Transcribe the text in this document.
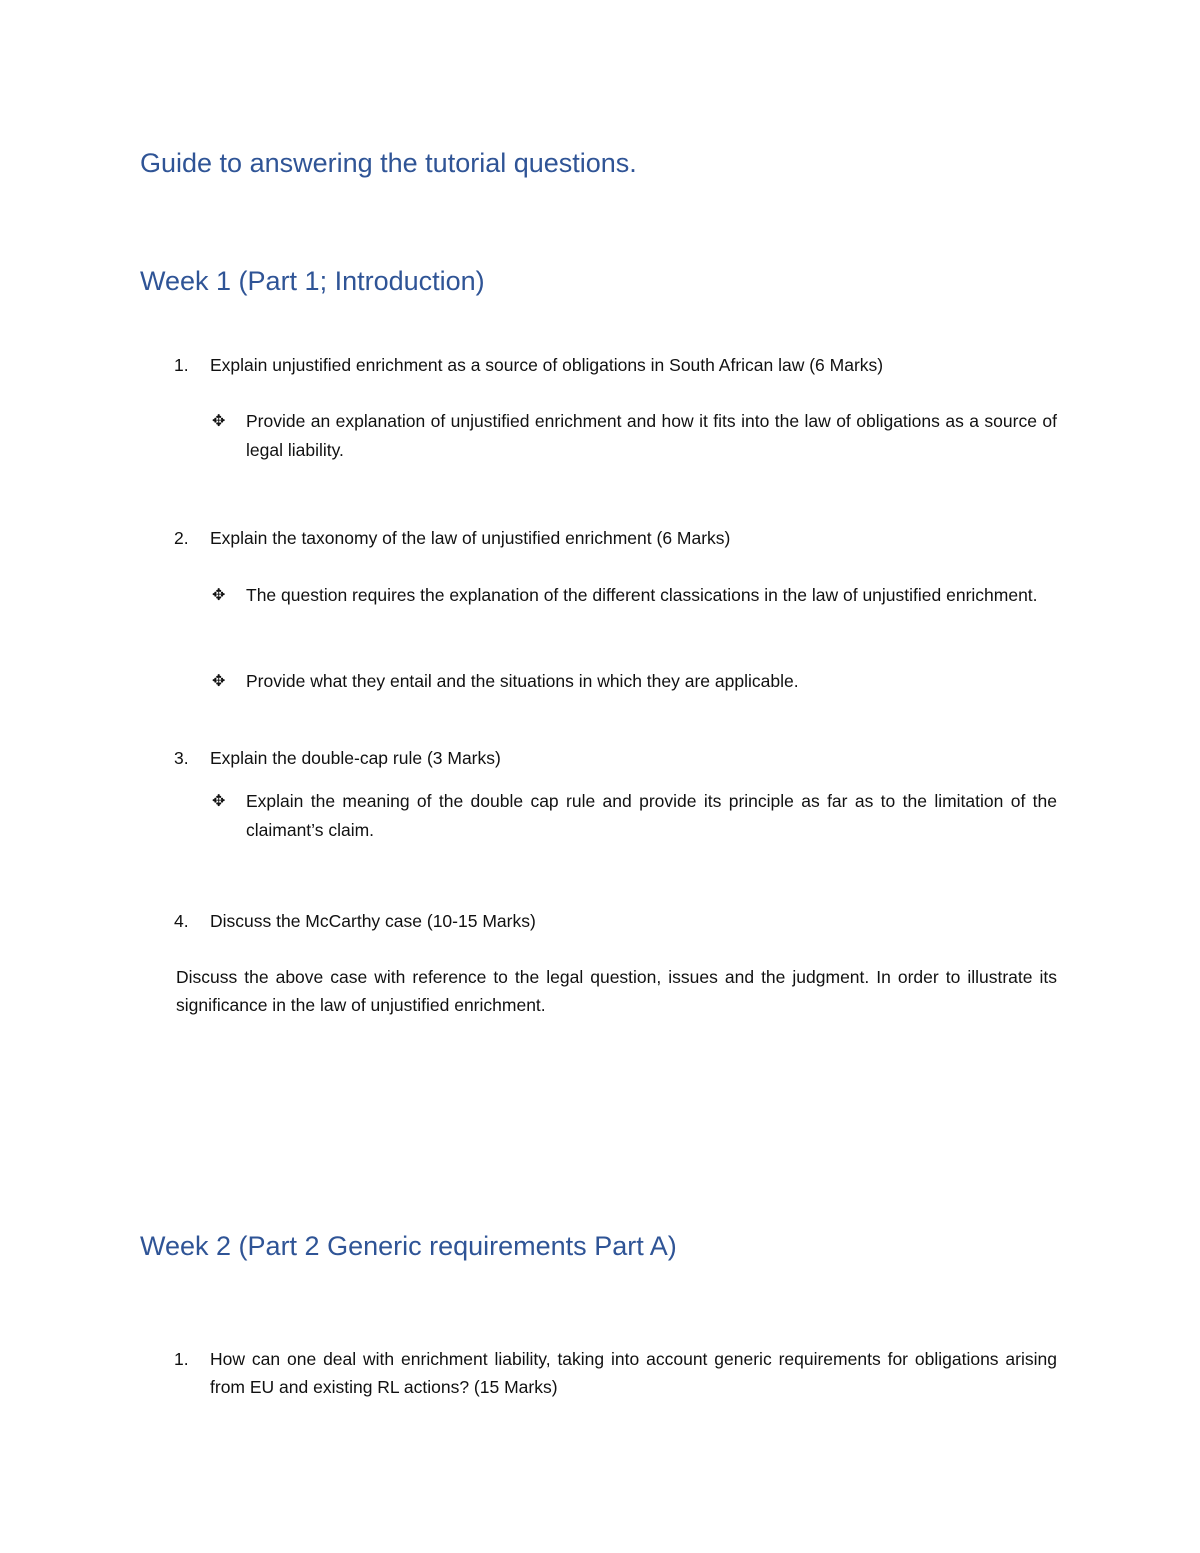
Guide to answering the tutorial questions.
Week 1 (Part 1; Introduction)
1.	Explain unjustified enrichment as a source of obligations in South African law (6 Marks)
✥	Provide an explanation of unjustified enrichment and how it fits into the law of obligations as a source of legal liability.
2.	Explain the taxonomy of the law of unjustified enrichment (6 Marks)
✥	The question requires the explanation of the different classications in the law of unjustified enrichment.
✥	Provide what they entail and the situations in which they are applicable.
3.	Explain the double-cap rule (3 Marks)
✥	Explain the meaning of the double cap rule and provide its principle as far as to the limitation of the claimant’s claim.
4.	Discuss the McCarthy case (10-15 Marks)
Discuss the above case with reference to the legal question, issues and the judgment. In order to illustrate its significance in the law of unjustified enrichment.
Week 2 (Part 2 Generic requirements Part A)
1.	How can one deal with enrichment liability, taking into account generic requirements for obligations arising from EU and existing RL actions? (15 Marks)
